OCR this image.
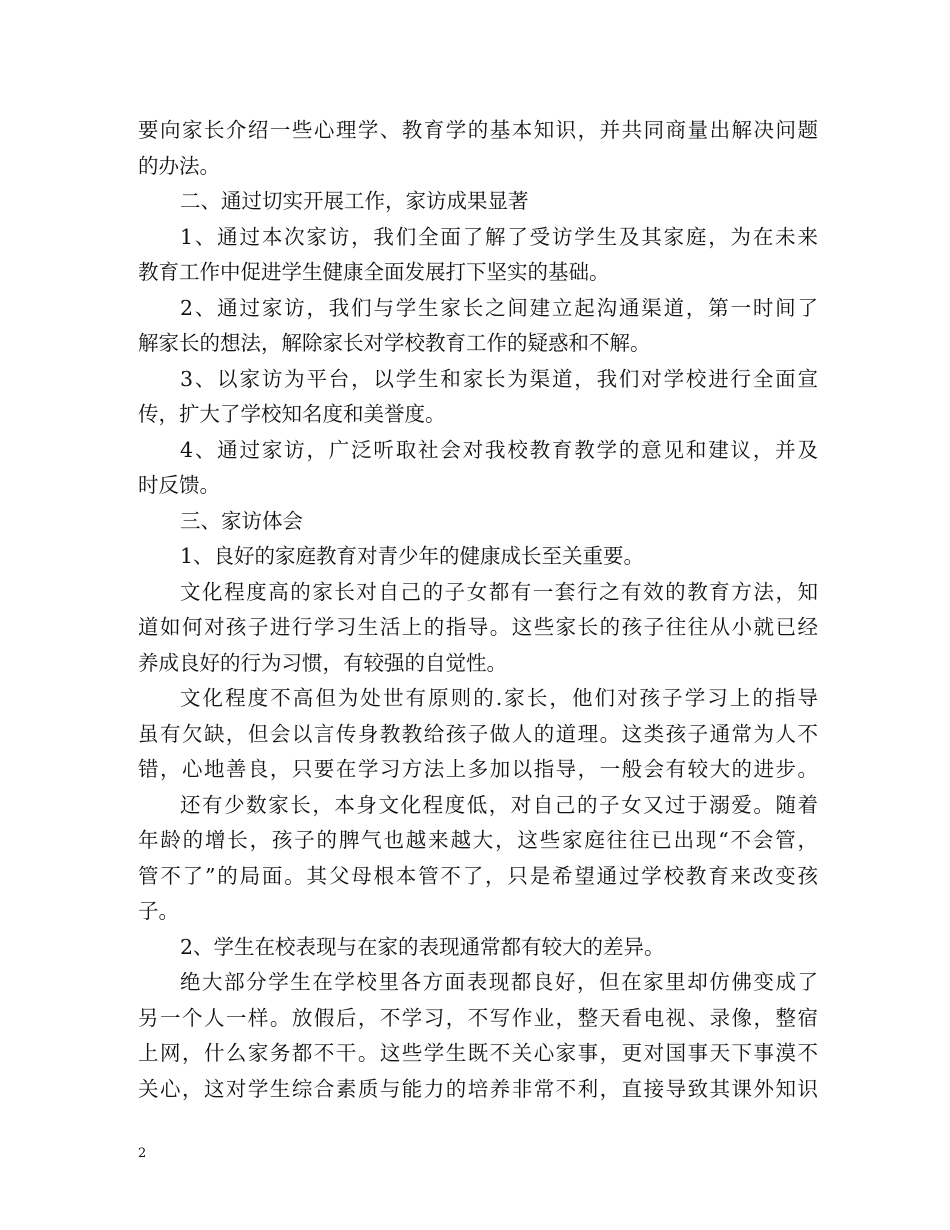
要向家长介绍一些心理学、教育学的基本知识，并共同商量出解决问题
的办法。
二、通过切实开展工作，家访成果显著
1、通过本次家访，我们全面了解了受访学生及其家庭，为在未来
教育工作中促进学生健康全面发展打下坚实的基础。
2、通过家访，我们与学生家长之间建立起沟通渠道，第一时间了
解家长的想法，解除家长对学校教育工作的疑惑和不解。
3、以家访为平台，以学生和家长为渠道，我们对学校进行全面宣
传，扩大了学校知名度和美誉度。
4、通过家访，广泛听取社会对我校教育教学的意见和建议，并及
时反馈。
三、家访体会
1、良好的家庭教育对青少年的健康成长至关重要。
文化程度高的家长对自己的子女都有一套行之有效的教育方法，知
道如何对孩子进行学习生活上的指导。这些家长的孩子往往从小就已经
养成良好的行为习惯，有较强的自觉性。
文化程度不高但为处世有原则的.家长，他们对孩子学习上的指导
虽有欠缺，但会以言传身教教给孩子做人的道理。这类孩子通常为人不
错，心地善良，只要在学习方法上多加以指导，一般会有较大的进步。
还有少数家长，本身文化程度低，对自己的子女又过于溺爱。随着
年龄的增长，孩子的脾气也越来越大，这些家庭往往已出现“不会管，
管不了”的局面。其父母根本管不了，只是希望通过学校教育来改变孩
子。
2、学生在校表现与在家的表现通常都有较大的差异。
绝大部分学生在学校里各方面表现都良好，但在家里却仿佛变成了
另一个人一样。放假后，不学习，不写作业，整天看电视、录像，整宿
上网，什么家务都不干。这些学生既不关心家事，更对国事天下事漠不
关心，这对学生综合素质与能力的培养非常不利，直接导致其课外知识
2
